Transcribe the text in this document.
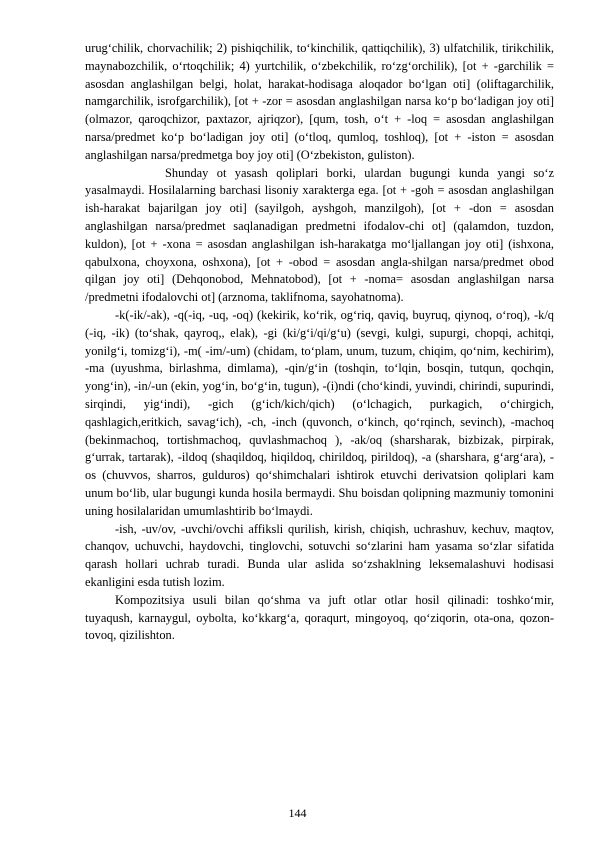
urug‘chilik, chorvachilik; 2) pishiqchilik, to‘kinchilik, qattiqchilik), 3) ulfatchilik, tirikchilik, maynabozchilik, o‘rtoqchilik; 4) yurtchilik, o‘zbekchilik, ro‘zg‘orchilik), [ot + -garchilik = asosdan anglashilgan belgi, holat, harakat-hodisaga aloqador bo‘lgan oti] (oliftagarchilik, namgarchilik, isrofgarchilik), [ot + -zor = asosdan anglashilgan narsa ko‘p bo‘ladigan joy oti] (olmazor, qaroqchizor, paxtazor, ajriqzor), [qum, tosh, o‘t + -loq = asosdan anglashilgan narsa/predmet ko‘p bo‘ladigan joy oti] (o‘tloq, qumloq, toshloq), [ot + -iston = asosdan anglashilgan narsa/predmetga boy joy oti] (O‘zbekiston, guliston).

Shunday ot yasash qoliplari borki, ulardan bugungi kunda yangi so‘z yasalmaydi. Hosilalarning barchasi lisoniy xarakterga ega. [ot + -goh = asosdan anglashilgan ish-harakat bajarilgan joy oti] (sayilgoh, ayshgoh, manzilgoh), [ot + -don = asosdan anglashilgan narsa/predmet saqlanadigan predmetni ifodalov-chi ot] (qalamdon, tuzdon, kuldon), [ot + -xona = asosdan anglashilgan ish-harakatga mo‘ljallangan joy oti] (ishxona, qabulxona, choyxona, oshxona), [ot + -obod = asosdan angla-shilgan narsa/predmet obod qilgan joy oti] (Dehqonobod, Mehnatobod), [ot + -noma= asosdan anglashilgan narsa /predmetni ifodalovchi ot] (arznoma, taklifnoma, sayohatnoma).

-k(-ik/-ak), -q(-iq, -uq, -oq) (kekirik, ko‘rik, og‘riq, qaviq, buyruq, qiynoq, o‘roq), -k/q (-iq, -ik) (to‘shak, qayroq,, elak), -gi (ki/g‘i/qi/g‘u) (sevgi, kulgi, supurgi, chopqi, achitqi, yonilg‘i, tomizg‘i), -m( -im/-um) (chidam, to‘plam, unum, tuzum, chiqim, qo‘nim, kechirim), -ma (uyushma, birlashma, dimlama), -qin/g‘in (toshqin, to‘lqin, bosqin, tutqun, qochqin, yong‘in), -in/-un (ekin, yog‘in, bo‘g‘in, tugun), -(i)ndi (cho‘kindi, yuvindi, chirindi, supurindi, sirqindi, yig‘indi), -gich (g‘ich/kich/qich) (o‘lchagich, purkagich, o‘chirgich, qashlagich,eritkich, savag‘ich), -ch, -inch (quvonch, o‘kinch, qo‘rqinch, sevinch), -machoq (bekinmachoq, tortishmachoq, quvlashmachoq ), -ak/oq (sharsharak, bizbizak, pirpirak, g‘urrak, tartarak), -ildoq (shaqildoq, hiqildoq, chirildoq, pirildoq), -a (sharshara, g‘arg‘ara), -os (chuvvos, sharros, gulduros) qo‘shimchalari ishtirok etuvchi derivatsion qoliplari kam unum bo‘lib, ular bugungi kunda hosila bermaydi. Shu boisdan qolipning mazmuniy tomonini uning hosilalaridan umumlashtirib bo‘lmaydi.

-ish, -uv/ov, -uvchi/ovchi affiksli qurilish, kirish, chiqish, uchrashuv, kechuv, maqtov, chanqov, uchuvchi, haydovchi, tinglovchi, sotuvchi so‘zlarini ham yasama so‘zlar sifatida qarash hollari uchrab turadi. Bunda ular aslida so‘zshaklning leksemalashuvi hodisasi ekanligini esda tutish lozim.

Kompozitsiya usuli bilan qo‘shma va juft otlar otlar hosil qilinadi: toshko‘mir, tuyaqush, karnaygul, oybolta, ko‘kkarg‘a, qoraqurt, mingoyoq, qo‘ziqorin, ota-ona, qozon-tovoq, qizilishton.

144
